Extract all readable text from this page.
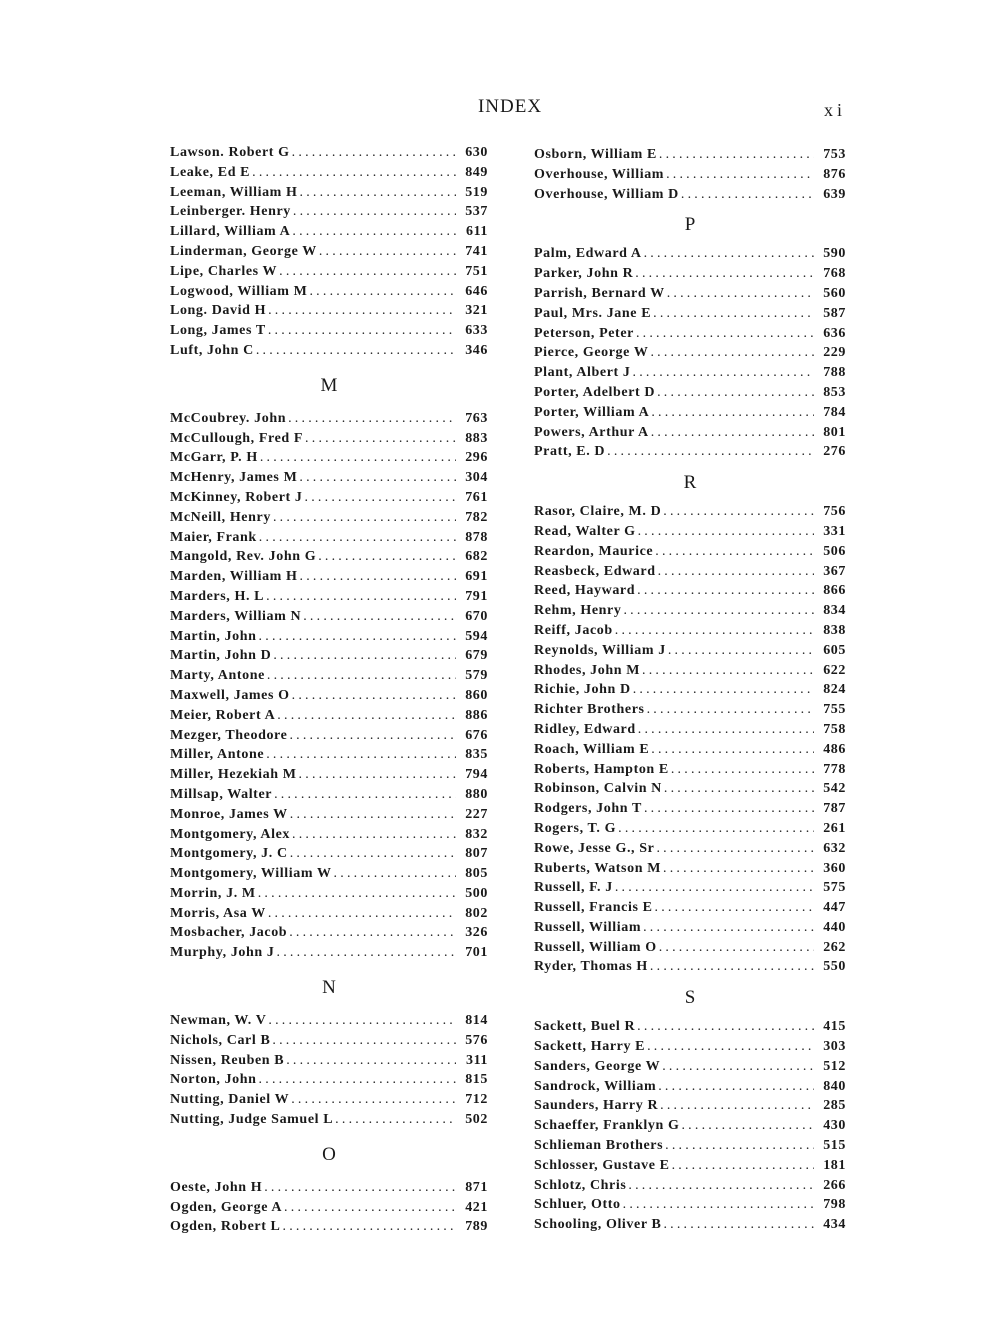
INDEX	xi
Lawson. Robert G .....	630
Leake, Ed E .....	849
Leeman, William H .....	519
Leinberger. Henry .....	537
Lillard, William A .....	611
Linderman, George W .....	741
Lipe, Charles W .....	751
Logwood, William M .....	646
Long. David H .....	321
Long, James T .....	633
Luft, John C .....	346
M
McCoubrey. John .....	763
McCullough, Fred F .....	883
McGarr, P. H .....	296
McHenry, James M .....	304
McKinney, Robert J .....	761
McNeill, Henry .....	782
Maier, Frank .....	878
Mangold, Rev. John G .....	682
Marden, William H .....	691
Marders, H. L .....	791
Marders, William N .....	670
Martin, John .....	594
Martin, John D .....	679
Marty, Antone .....	579
Maxwell, James O .....	860
Meier, Robert A .....	886
Mezger, Theodore .....	676
Miller, Antone .....	835
Miller, Hezekiah M .....	794
Millsap, Walter .....	880
Monroe, James W .....	227
Montgomery, Alex .....	832
Montgomery, J. C .....	807
Montgomery, William W .....	805
Morrin, J. M .....	500
Morris, Asa W .....	802
Mosbacher, Jacob .....	326
Murphy, John J .....	701
N
Newman, W. V .....	814
Nichols, Carl B .....	576
Nissen, Reuben B .....	311
Norton, John .....	815
Nutting, Daniel W .....	712
Nutting, Judge Samuel L .....	502
O
Oeste, John H .....	871
Ogden, George A .....	421
Ogden, Robert L .....	789
Osborn, William E .....	753
Overhouse, William .....	876
Overhouse, William D .....	639
P
Palm, Edward A .....	590
Parker, John R .....	768
Parrish, Bernard W .....	560
Paul, Mrs. Jane E .....	587
Peterson, Peter .....	636
Pierce, George W .....	229
Plant, Albert J .....	788
Porter, Adelbert D .....	853
Porter, William A .....	784
Powers, Arthur A .....	801
Pratt, E. D .....	276
R
Rasor, Claire, M. D .....	756
Read, Walter G .....	331
Reardon, Maurice .....	506
Reasbeck, Edward .....	367
Reed, Hayward .....	866
Rehm, Henry .....	834
Reiff, Jacob .....	838
Reynolds, William J .....	605
Rhodes, John M .....	622
Richie, John D .....	824
Richter Brothers .....	755
Ridley, Edward .....	758
Roach, William E .....	486
Roberts, Hampton E .....	778
Robinson, Calvin N .....	542
Rodgers, John T .....	787
Rogers, T. G .....	261
Rowe, Jesse G., Sr .....	632
Ruberts, Watson M .....	360
Russell, F. J .....	575
Russell, Francis E .....	447
Russell, William .....	440
Russell, William O .....	262
Ryder, Thomas H .....	550
S
Sackett, Buel R .....	415
Sackett, Harry E .....	303
Sanders, George W .....	512
Sandrock, William .....	840
Saunders, Harry R .....	285
Schaeffer, Franklyn G .....	430
Schlieman Brothers .....	515
Schlosser, Gustave E .....	181
Schlotz, Chris .....	266
Schluer, Otto .....	798
Schooling, Oliver B .....	434
